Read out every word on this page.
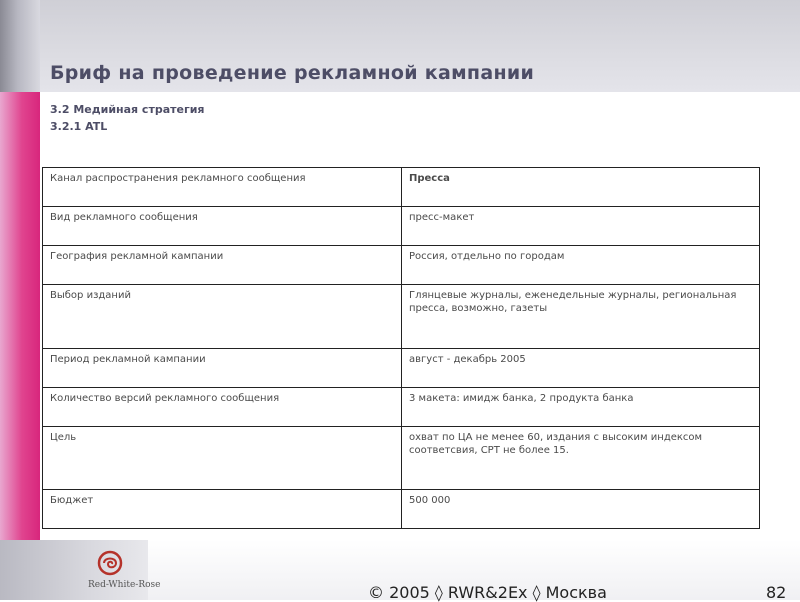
Бриф на проведение рекламной кампании
3.2 Медийная стратегия
3.2.1 ATL
Канал распространения рекламного сообщения	Пресса
Вид рекламного сообщения	пресс-макет
География рекламной кампании	Россия, отдельно по городам
Выбор изданий	Глянцевые журналы, еженедельные журналы, региональная пресса, возможно, газеты
Период рекламной кампании	август - декабрь 2005
Количество версий рекламного сообщения	3 макета: имидж банка, 2 продукта банка
Цель	охват по ЦА не менее 60, издания с высоким индексом соответсвия, CPT не более 15.
Бюджет	500 000
Red-White-Rose	© 2005 ◊ RWR&2Ex ◊ Москва	82
